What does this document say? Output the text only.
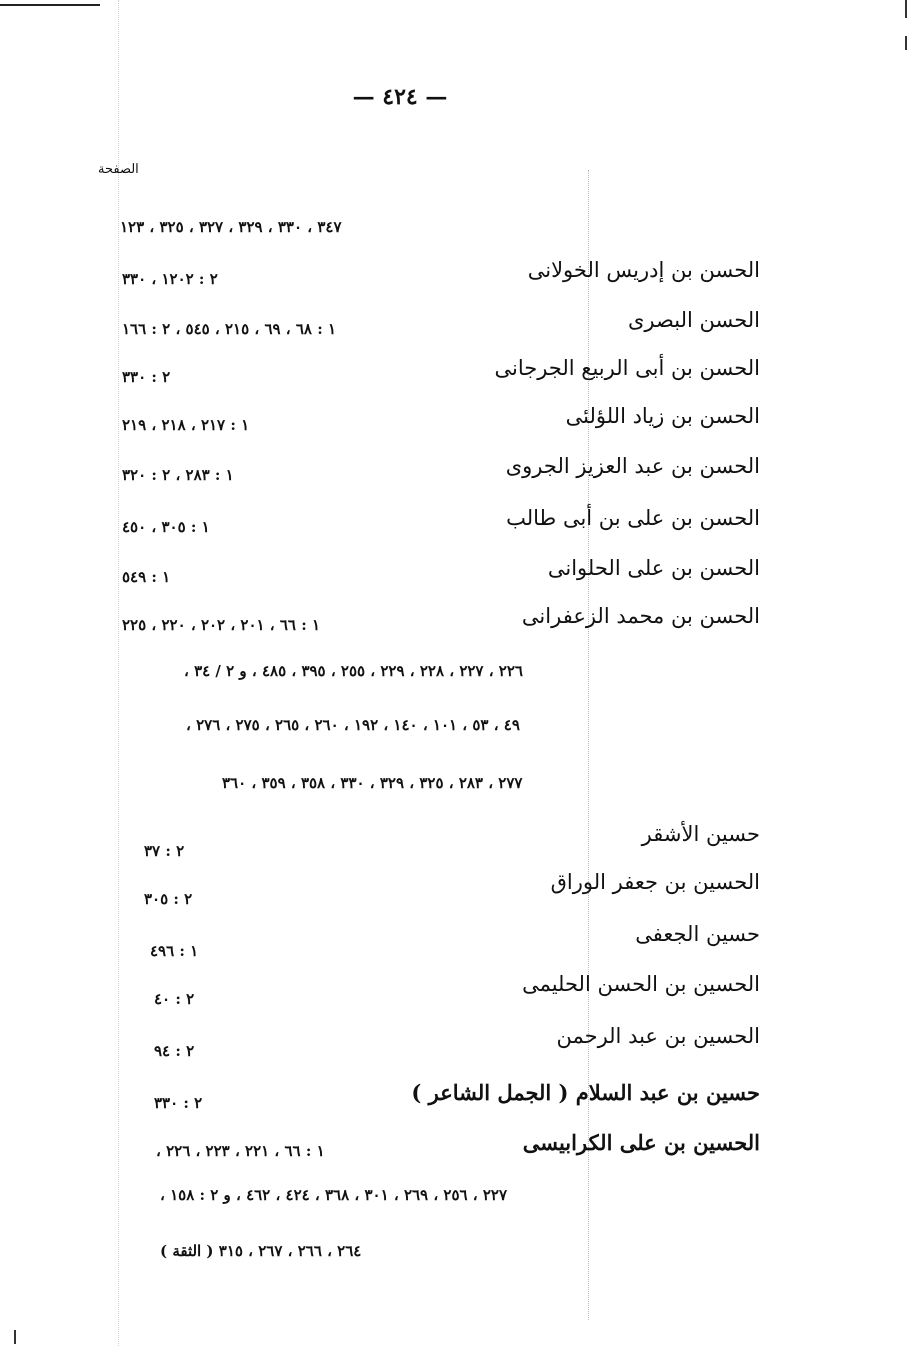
— ٤٢٤ —
الصفحة
٣٤٧ ، ٣٣٠ ، ٣٢٩ ، ٣٢٧ ، ٣٢٥ ، ١٢٣
الحسن بن إدريس الخولانى
٢ : ١٢٠٢ ، ٣٣٠
الحسن البصرى
١ : ٦٨ ، ٦٩ ، ٢١٥ ، ٥٤٥ ، ٢ : ١٦٦
الحسن بن أبى الربيع الجرجانى
٢ : ٣٣٠
الحسن بن زياد اللؤلئى
١ : ٢١٧ ، ٢١٨ ، ٢١٩
الحسن بن عبد العزيز الجروى
١ : ٢٨٣ ، ٢ : ٣٢٠
الحسن بن على بن أبى طالب
١ : ٣٠٥ ، ٤٥٠
الحسن بن على الحلوانى
١ : ٥٤٩
الحسن بن محمد الزعفرانى
١ : ٦٦ ، ٢٠١ ، ٢٠٢ ، ٢٢٠ ، ٢٢٥
٢٢٦ ، ٢٢٧ ، ٢٢٨ ، ٢٢٩ ، ٢٥٥ ، ٣٩٥ ، ٤٨٥ ، و ٢ / ٣٤ ،
٤٩ ، ٥٣ ، ١٠١ ، ١٤٠ ، ١٩٢ ، ٢٦٠ ، ٢٦٥ ، ٢٧٥ ، ٢٧٦ ،
٢٧٧ ، ٢٨٣ ، ٣٢٥ ، ٣٢٩ ، ٣٣٠ ، ٣٥٨ ، ٣٥٩ ، ٣٦٠
حسين الأشقر
٢ : ٣٧
الحسين بن جعفر الوراق
٢ : ٣٠٥
حسين الجعفى
١ : ٤٩٦
الحسين بن الحسن الحليمى
٢ : ٤٠
الحسين بن عبد الرحمن
٢ : ٩٤
حسين بن عبد السلام ( الجمل الشاعر )
٢ : ٣٣٠
الحسين بن على الكرابيسى
١ : ٦٦ ، ٢٢١ ، ٢٢٣ ، ٢٢٦ ،
٢٢٧ ، ٢٥٦ ، ٢٦٩ ، ٣٠١ ، ٣٦٨ ، ٤٢٤ ، ٤٦٢ ، و ٢ : ١٥٨ ،
٢٦٤ ، ٢٦٦ ، ٢٦٧ ، ٣١٥ ( الثقة )
